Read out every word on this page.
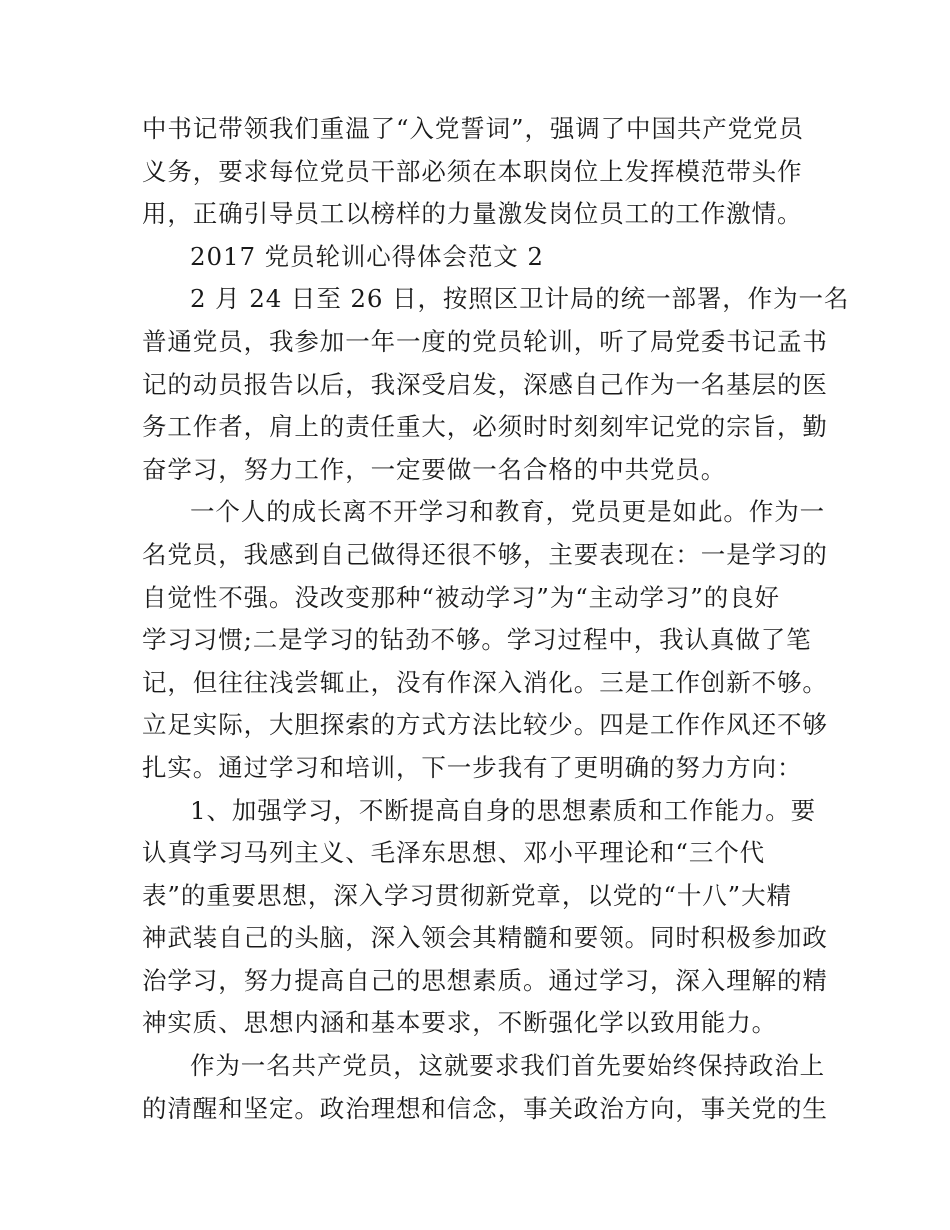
中书记带领我们重温了“入党誓词”，强调了中国共产党党员
义务，要求每位党员干部必须在本职岗位上发挥模范带头作
用，正确引导员工以榜样的力量激发岗位员工的工作激情。
2017 党员轮训心得体会范文 2
2 月 24 日至 26 日，按照区卫计局的统一部署，作为一名
普通党员，我参加一年一度的党员轮训，听了局党委书记孟书
记的动员报告以后，我深受启发，深感自己作为一名基层的医
务工作者，肩上的责任重大，必须时时刻刻牢记党的宗旨，勤
奋学习，努力工作，一定要做一名合格的中共党员。
一个人的成长离不开学习和教育，党员更是如此。作为一
名党员，我感到自己做得还很不够，主要表现在：一是学习的
自觉性不强。没改变那种“被动学习”为“主动学习”的良好
学习习惯;二是学习的钻劲不够。学习过程中，我认真做了笔
记，但往往浅尝辄止，没有作深入消化。三是工作创新不够。
立足实际，大胆探索的方式方法比较少。四是工作作风还不够
扎实。通过学习和培训，下一步我有了更明确的努力方向：
1、加强学习，不断提高自身的思想素质和工作能力。要
认真学习马列主义、毛泽东思想、邓小平理论和“三个代
表”的重要思想，深入学习贯彻新党章，以党的“十八”大精
神武装自己的头脑，深入领会其精髓和要领。同时积极参加政
治学习，努力提高自己的思想素质。通过学习，深入理解的精
神实质、思想内涵和基本要求，不断强化学以致用能力。
作为一名共产党员，这就要求我们首先要始终保持政治上
的清醒和坚定。政治理想和信念，事关政治方向，事关党的生
